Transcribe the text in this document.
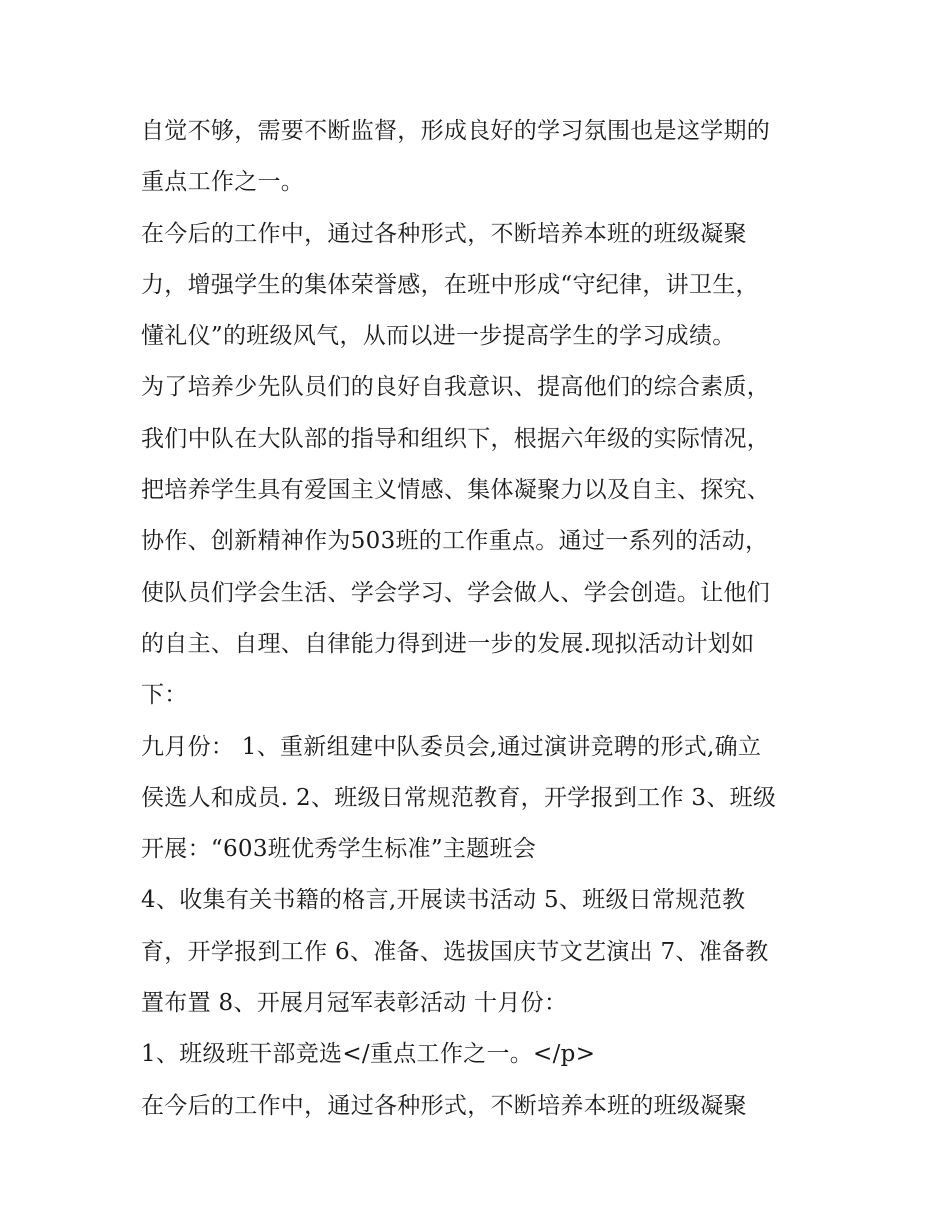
自觉不够，需要不断监督，形成良好的学习氛围也是这学期的
重点工作之一。
在今后的工作中，通过各种形式，不断培养本班的班级凝聚
力，增强学生的集体荣誉感，在班中形成“守纪律，讲卫生，
懂礼仪”的班级风气，从而以进一步提高学生的学习成绩。
为了培养少先队员们的良好自我意识、提高他们的综合素质，
我们中队在大队部的指导和组织下，根据六年级的实际情况，
把培养学生具有爱国主义情感、集体凝聚力以及自主、探究、
协作、创新精神作为503班的工作重点。通过一系列的活动，
使队员们学会生活、学会学习、学会做人、学会创造。让他们
的自主、自理、自律能力得到进一步的发展.现拟活动计划如
下：
九月份： 1、重新组建中队委员会,通过演讲竞聘的形式,确立
侯选人和成员. 2、班级日常规范教育，开学报到工作 3、班级
开展：“603班优秀学生标准”主题班会
4、收集有关书籍的格言,开展读书活动 5、班级日常规范教
育，开学报到工作 6、准备、选拔国庆节文艺演出 7、准备教
置布置 8、开展月冠军表彰活动 十月份：
1、班级班干部竞选</重点工作之一。</p>
在今后的工作中，通过各种形式，不断培养本班的班级凝聚
